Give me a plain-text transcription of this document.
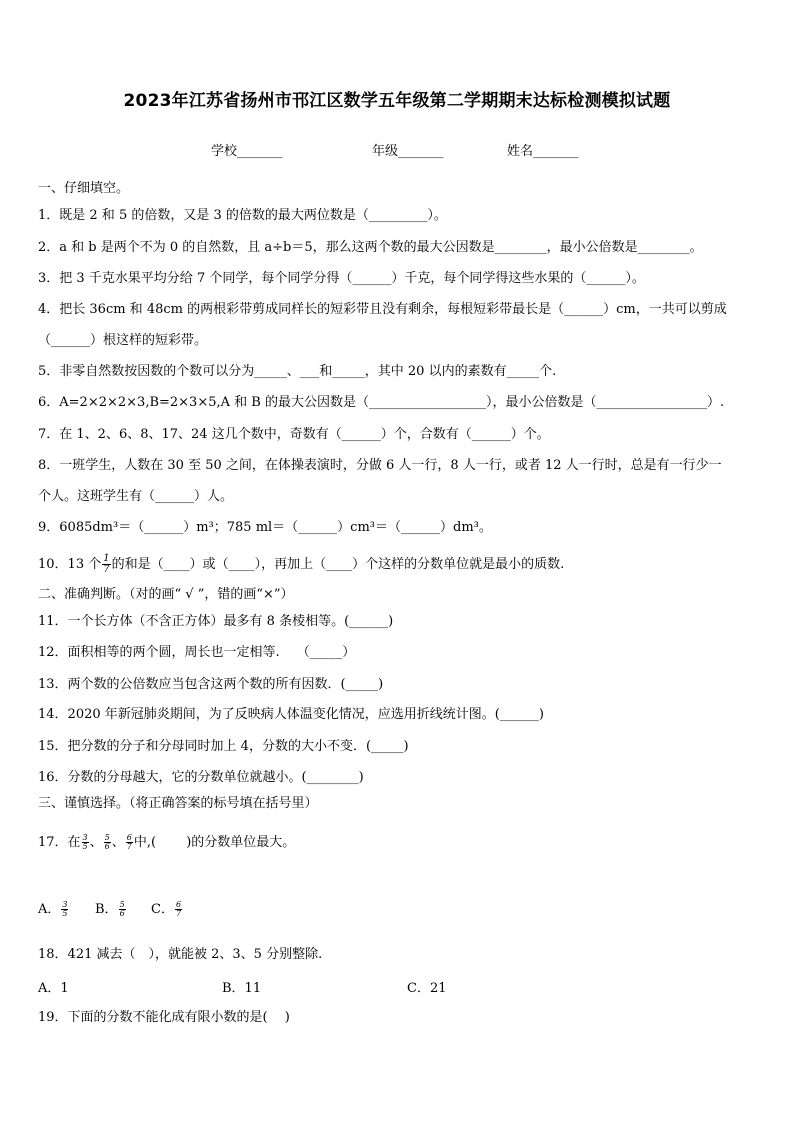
2023年江苏省扬州市邗江区数学五年级第二学期期末达标检测模拟试题
学校_______	年级_______	姓名_______
一、仔细填空。
1．既是 2 和 5 的倍数，又是 3 的倍数的最大两位数是（_________）。
2．a 和 b 是两个不为 0 的自然数，且 a÷b＝5，那么这两个数的最大公因数是________，最小公倍数是________。
3．把 3 千克水果平均分给 7 个同学，每个同学分得（______）千克，每个同学得这些水果的（______）。
4．把长 36cm 和 48cm 的两根彩带剪成同样长的短彩带且没有剩余，每根短彩带最长是（______）cm，一共可以剪成
（______）根这样的短彩带。
5．非零自然数按因数的个数可以分为_____、___和_____，其中 20 以内的素数有_____个.
6．A=2×2×2×3,B=2×3×5,A 和 B 的最大公因数是（__________________），最小公倍数是（_________________）.
7．在 1、2、6、8、17、24 这几个数中，奇数有（______）个，合数有（______）个。
8．一班学生，人数在 30 至 50 之间，在体操表演时，分做 6 人一行，8 人一行，或者 12 人一行时，总是有一行少一
个人。这班学生有（______）人。
9．6085dm³＝（______）m³；785 ml＝（______）cm³＝（______）dm³。
10．13 个 $\frac{1}{7}$ 的和是（____）或（____），再加上（____）个这样的分数单位就是最小的质数.
二、准确判断。（对的画“ √ ”，错的画“×”）
11．一个长方体（不含正方体）最多有 8 条棱相等。(______)
12．面积相等的两个圆，周长也一定相等.　 （_____）
13．两个数的公倍数应当包含这两个数的所有因数．(_____)
14．2020 年新冠肺炎期间，为了反映病人体温变化情况，应选用折线统计图。(______)
15．把分数的分子和分母同时加上 4，分数的大小不变．(_____)
16．分数的分母越大，它的分数单位就越小。(________)
三、谨慎选择。（将正确答案的标号填在括号里）
17．在 $\frac{3}{5}$ 、 $\frac{5}{6}$ 、 $\frac{6}{7}$ 中,(　　 )的分数单位最大。
A． $\frac{3}{5}$ B． $\frac{5}{6}$ C． $\frac{6}{7}$
18．421 减去（　），就能被 2、3、5 分别整除.
A．1	B．11	C．21
19．下面的分数不能化成有限小数的是(　 )
